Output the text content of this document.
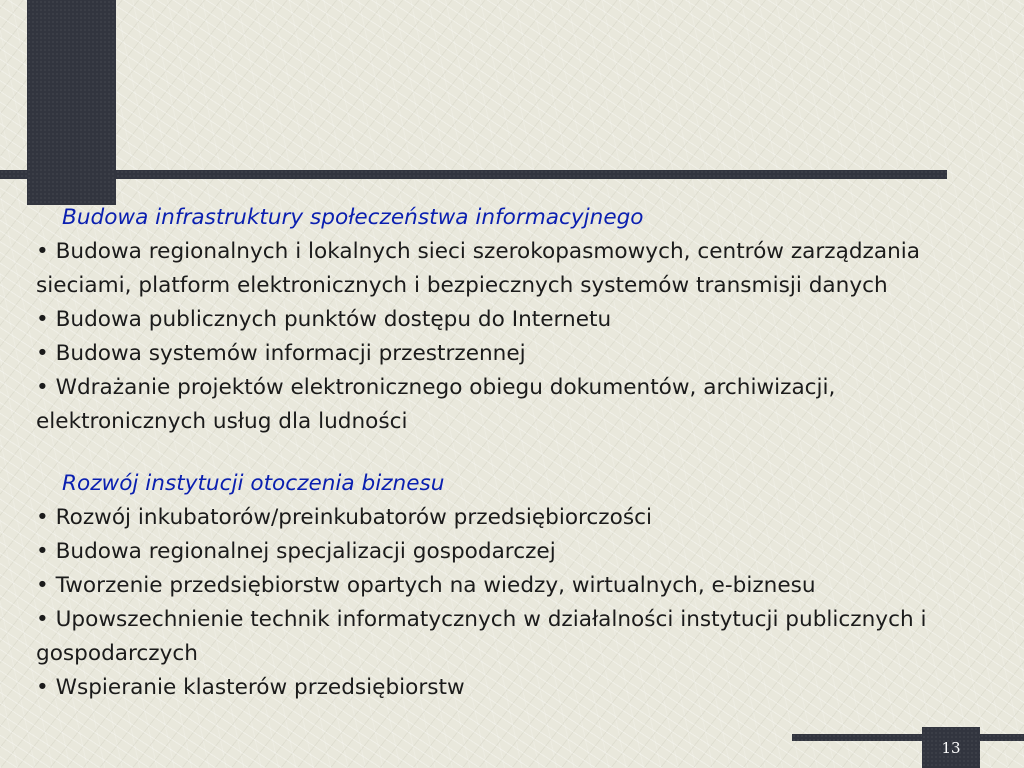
13
Budowa infrastruktury społeczeństwa informacyjnego

• Budowa regionalnych i lokalnych sieci szerokopasmowych, centrów zarządzania sieciami, platform elektronicznych i bezpiecznych systemów transmisji danych

• Budowa publicznych punktów dostępu do Internetu

• Budowa systemów informacji przestrzennej

• Wdrażanie projektów elektronicznego obiegu dokumentów, archiwizacji, elektronicznych usług dla ludności

Rozwój instytucji otoczenia biznesu

• Rozwój inkubatorów/preinkubatorów przedsiębiorczości

• Budowa regionalnej specjalizacji gospodarczej

• Tworzenie przedsiębiorstw opartych na wiedzy, wirtualnych, e-biznesu

• Upowszechnienie technik informatycznych w działalności instytucji publicznych i gospodarczych

• Wspieranie klasterów przedsiębiorstw
